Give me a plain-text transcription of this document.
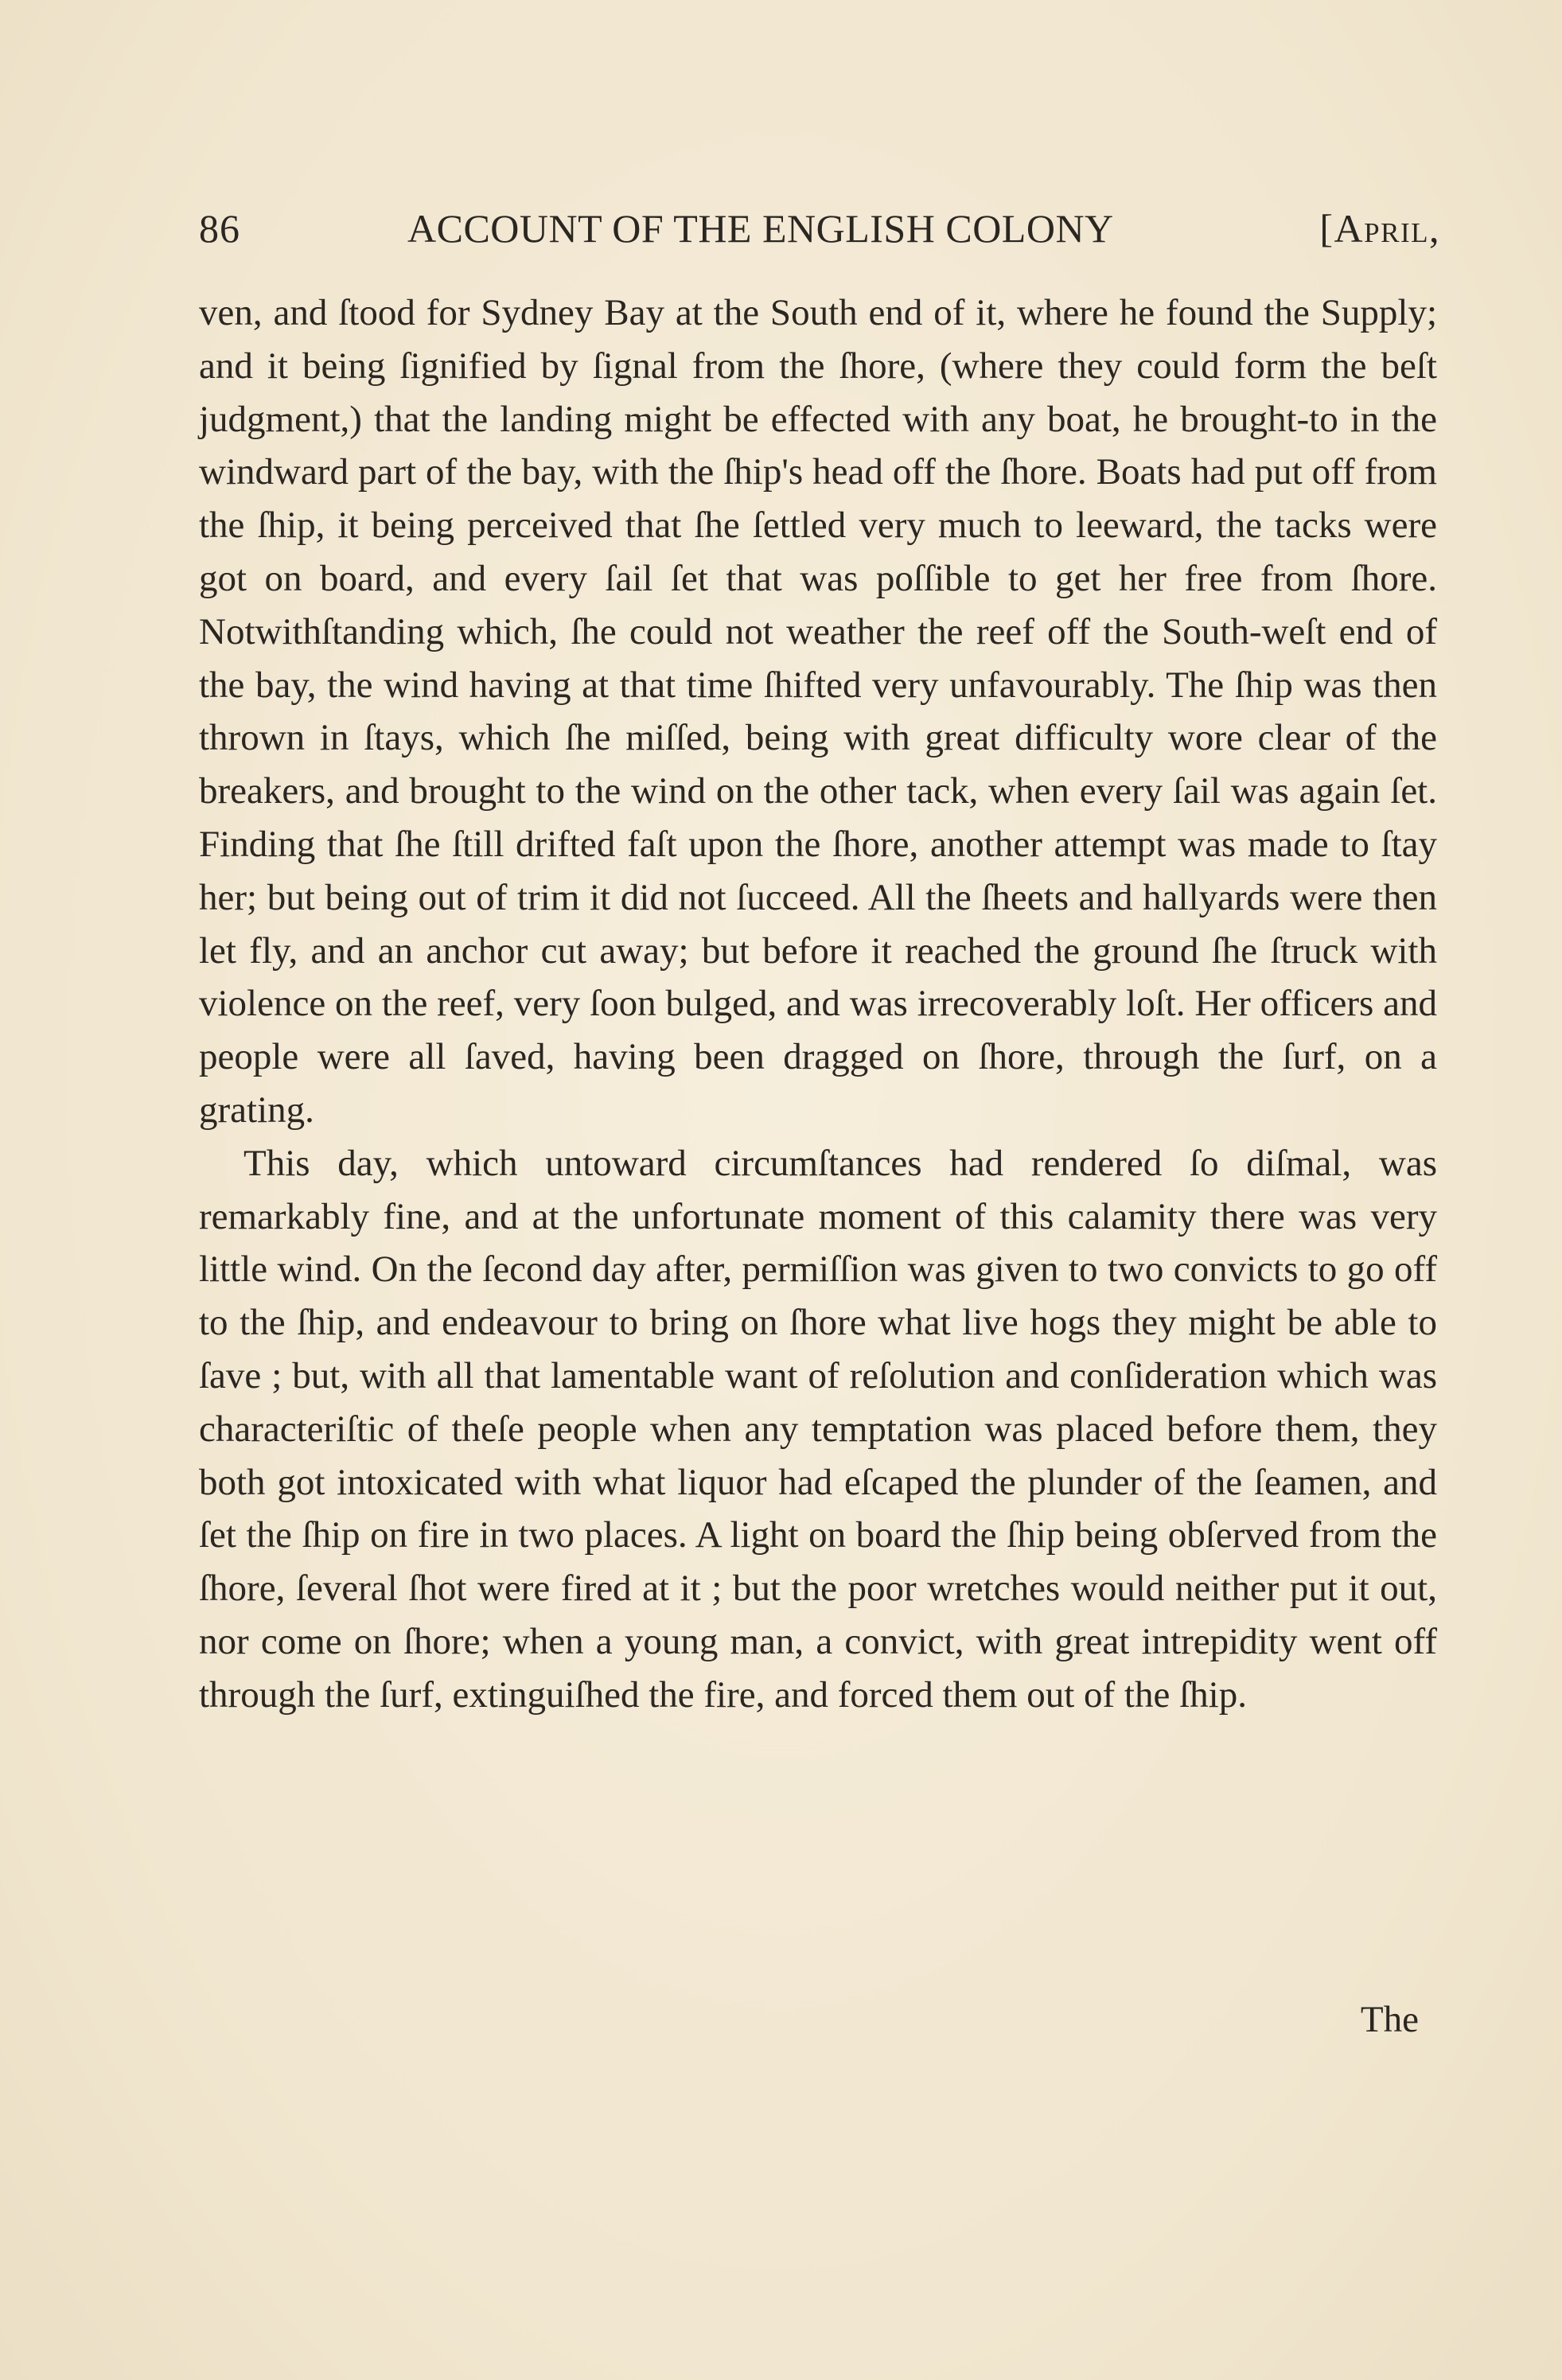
86	ACCOUNT OF THE ENGLISH COLONY	[April,

ven, and ſtood for Sydney Bay at the South end of it, where he found the Supply; and it being ſignified by ſignal from the ſhore, (where they could form the beſt judgment,) that the landing might be effected with any boat, he brought-to in the windward part of the bay, with the ſhip's head off the ſhore. Boats had put off from the ſhip, it being perceived that ſhe ſettled very much to leeward, the tacks were got on board, and every ſail ſet that was poſſible to get her free from ſhore. Notwithſtanding which, ſhe could not weather the reef off the South-weſt end of the bay, the wind having at that time ſhifted very unfavourably. The ſhip was then thrown in ſtays, which ſhe miſſed, being with great difficulty wore clear of the breakers, and brought to the wind on the other tack, when every ſail was again ſet. Finding that ſhe ſtill drifted faſt upon the ſhore, another attempt was made to ſtay her; but being out of trim it did not ſucceed. All the ſheets and hallyards were then let fly, and an anchor cut away; but before it reached the ground ſhe ſtruck with violence on the reef, very ſoon bulged, and was irrecoverably loſt. Her officers and people were all ſaved, having been dragged on ſhore, through the ſurf, on a grating.

This day, which untoward circumſtances had rendered ſo diſmal, was remarkably fine, and at the unfortunate moment of this calamity there was very little wind. On the ſecond day after, permiſſion was given to two convicts to go off to the ſhip, and endeavour to bring on ſhore what live hogs they might be able to ſave ; but, with all that lamentable want of reſolution and conſideration which was characteriſtic of theſe people when any temptation was placed before them, they both got intoxicated with what liquor had eſcaped the plunder of the ſeamen, and ſet the ſhip on fire in two places. A light on board the ſhip being obſerved from the ſhore, ſeveral ſhot were fired at it ; but the poor wretches would neither put it out, nor come on ſhore; when a young man, a convict, with great intrepidity went off through the ſurf, extinguiſhed the fire, and forced them out of the ſhip.

The
